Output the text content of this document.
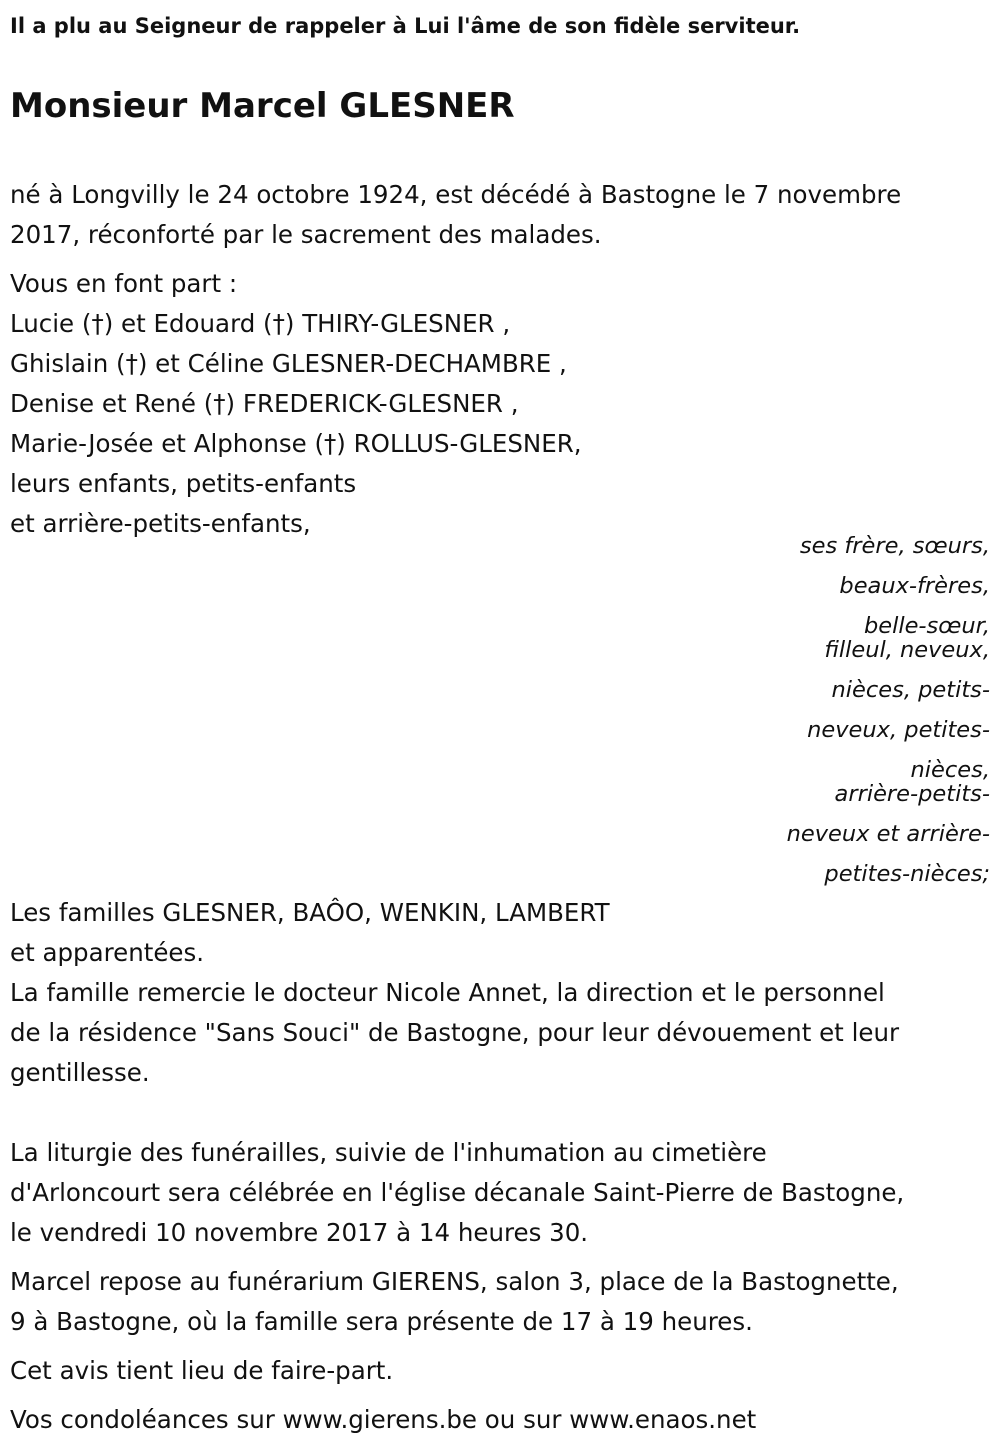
Il a plu au Seigneur de rappeler à Lui l'âme de son fidèle serviteur.
Monsieur Marcel GLESNER
né à Longvilly le 24 octobre 1924, est décédé à Bastogne le 7 novembre
2017, réconforté par le sacrement des malades.
Vous en font part :
Lucie (†) et Edouard (†) THIRY-GLESNER ,
Ghislain (†) et Céline GLESNER-DECHAMBRE ,
Denise et René (†) FREDERICK-GLESNER ,
Marie-Josée et Alphonse (†) ROLLUS-GLESNER,
leurs enfants, petits-enfants
et arrière-petits-enfants,
ses frère, sœurs,
beaux-frères,
belle-sœur,
filleul, neveux,
nièces, petits-
neveux, petites-
nièces,
arrière-petits-
neveux et arrière-
petites-nièces;
Les familles GLESNER, BAÔO, WENKIN, LAMBERT
et apparentées.
La famille remercie le docteur Nicole Annet, la direction et le personnel
de la résidence "Sans Souci" de Bastogne, pour leur dévouement et leur
gentillesse.
La liturgie des funérailles, suivie de l'inhumation au cimetière
d'Arloncourt sera célébrée en l'église décanale Saint-Pierre de Bastogne,
le vendredi 10 novembre 2017 à 14 heures 30.
Marcel repose au funérarium GIERENS, salon 3, place de la Bastognette,
9 à Bastogne, où la famille sera présente de 17 à 19 heures.
Cet avis tient lieu de faire-part.
Vos condoléances sur www.gierens.be ou sur www.enaos.net
